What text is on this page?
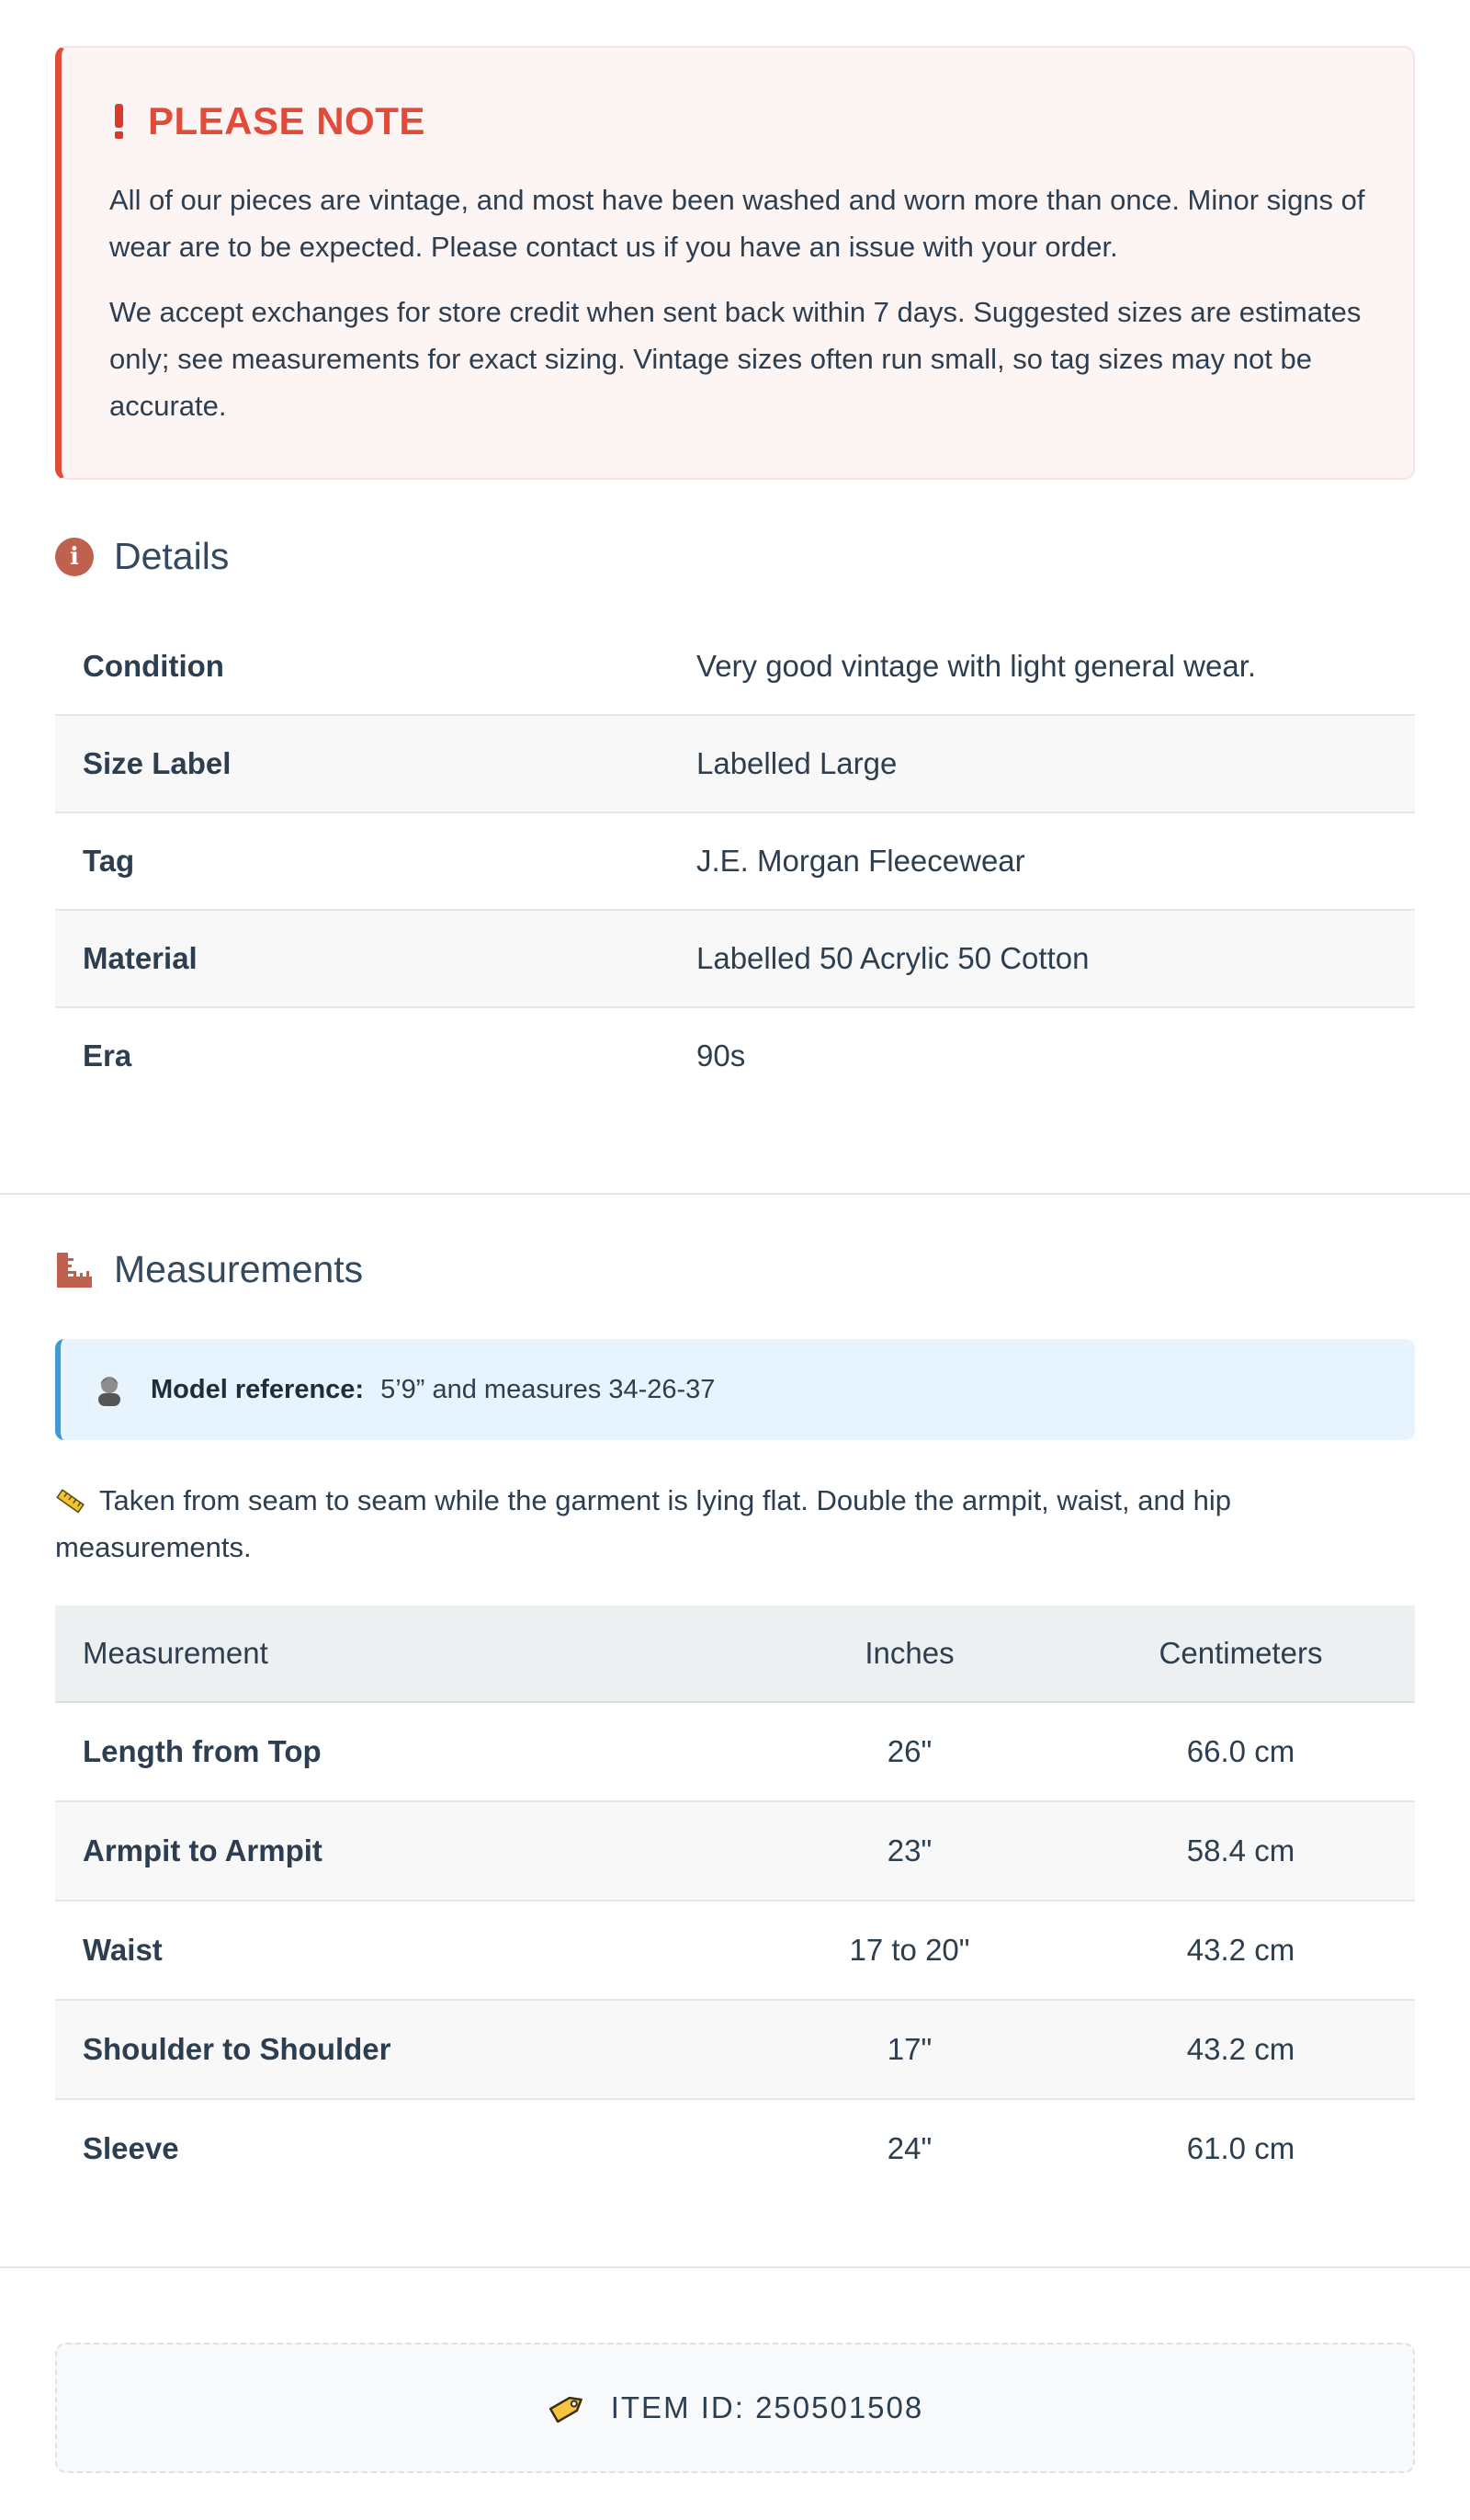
PLEASE NOTE

All of our pieces are vintage, and most have been washed and worn more than once. Minor signs of wear are to be expected. Please contact us if you have an issue with your order.

We accept exchanges for store credit when sent back within 7 days. Suggested sizes are estimates only; see measurements for exact sizing. Vintage sizes often run small, so tag sizes may not be accurate.

i Details
Condition	Very good vintage with light general wear.
Size Label	Labelled Large
Tag	J.E. Morgan Fleecewear
Material	Labelled 50 Acrylic 50 Cotton
Era	90s
Measurements
Model reference: 5’9” and measures 34-26-37
Taken from seam to seam while the garment is lying flat. Double the armpit, waist, and hip measurements.
Measurement	Inches	Centimeters
Length from Top	26"	66.0 cm
Armpit to Armpit	23"	58.4 cm
Waist	17 to 20"	43.2 cm
Shoulder to Shoulder	17"	43.2 cm
Sleeve	24"	61.0 cm
ITEM ID: 250501508
